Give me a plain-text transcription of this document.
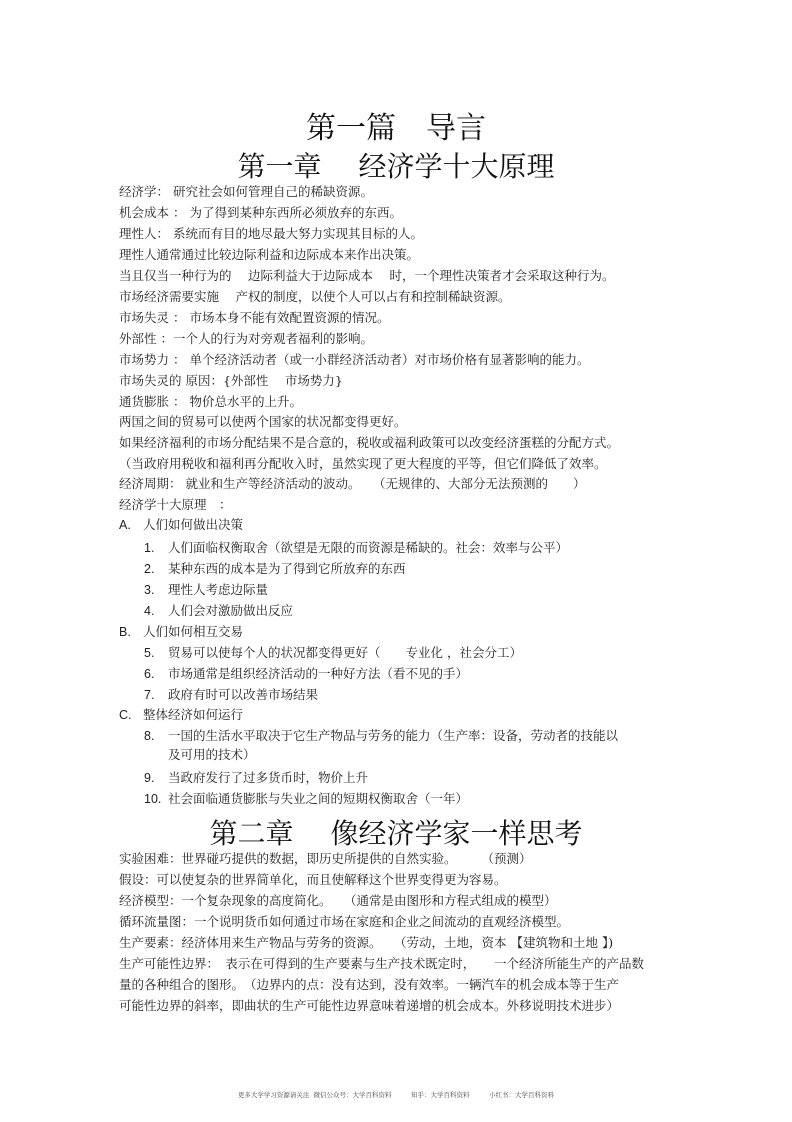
第一篇　导言
第一章　 经济学十大原理
经济学： 研究社会如何管理自己的稀缺资源。
机会成本 ： 为了得到某种东西所必须放弃的东西。
理性人： 系统而有目的地尽最大努力实现其目标的人。
理性人通常通过比较边际利益和边际成本来作出决策。
当且仅当一种行为的　 边际利益大于边际成本　 时，一个理性决策者才会采取这种行为。
市场经济需要实施　 产权的制度，以使个人可以占有和控制稀缺资源。
市场失灵 ： 市场本身不能有效配置资源的情况。
外部性 ：一个人的行为对旁观者福利的影响。
市场势力 ： 单个经济活动者（或一小群经济活动者）对市场价格有显著影响的能力。
市场失灵的 原因：{外部性　 市场势力}
通货膨胀 ： 物价总水平的上升。
两国之间的贸易可以使两个国家的状况都变得更好。
如果经济福利的市场分配结果不是合意的，税收或福利政策可以改变经济蛋糕的分配方式。
（当政府用税收和福利再分配收入时，虽然实现了更大程度的平等，但它们降低了效率。
经济周期： 就业和生产等经济活动的波动。　　（无规律的、大部分无法预测的　　）
经济学十大原理　：
A. 人们如何做出决策
1. 人们面临权衡取舍（欲望是无限的而资源是稀缺的。社会：效率与公平）
2. 某种东西的成本是为了得到它所放弃的东西
3. 理性人考虑边际量
4. 人们会对激励做出反应
B. 人们如何相互交易
5. 贸易可以使每个人的状况都变得更好（　　专业化 ，社会分工）
6. 市场通常是组织经济活动的一种好方法（看不见的手）
7. 政府有时可以改善市场结果
C. 整体经济如何运行
8. 一国的生活水平取决于它生产物品与劳务的能力（生产率：设备，劳动者的技能以
及可用的技术）
9. 当政府发行了过多货币时，物价上升
10. 社会面临通货膨胀与失业之间的短期权衡取舍（一年）
第二章　 像经济学家一样思考
实验困难：世界碰巧提供的数据，即历史所提供的自然实验。　　　（预测）
假设：可以使复杂的世界简单化，而且使解释这个世界变得更为容易。
经济模型：一个复杂现象的高度简化。　　（通常是由图形和方程式组成的模型）
循环流量图：一个说明货币如何通过市场在家庭和企业之间流动的直观经济模型。
生产要素：经济体用来生产物品与劳务的资源。　　（劳动，土地，资本 【建筑物和土地 】)
生产可能性边界：　表示在可得到的生产要素与生产技术既定时，　　一个经济所能生产的产品数
量的各种组合的图形。　（边界内的点：没有达到，没有效率。一辆汽车的机会成本等于生产
可能性边界的斜率，即曲状的生产可能性边界意味着递增的机会成本。外移说明技术进步）
更多大学学习资源请关注  微信公众号：大学百科资料　　　知乎：大学百科资料　　　小红书：大学百科资料
